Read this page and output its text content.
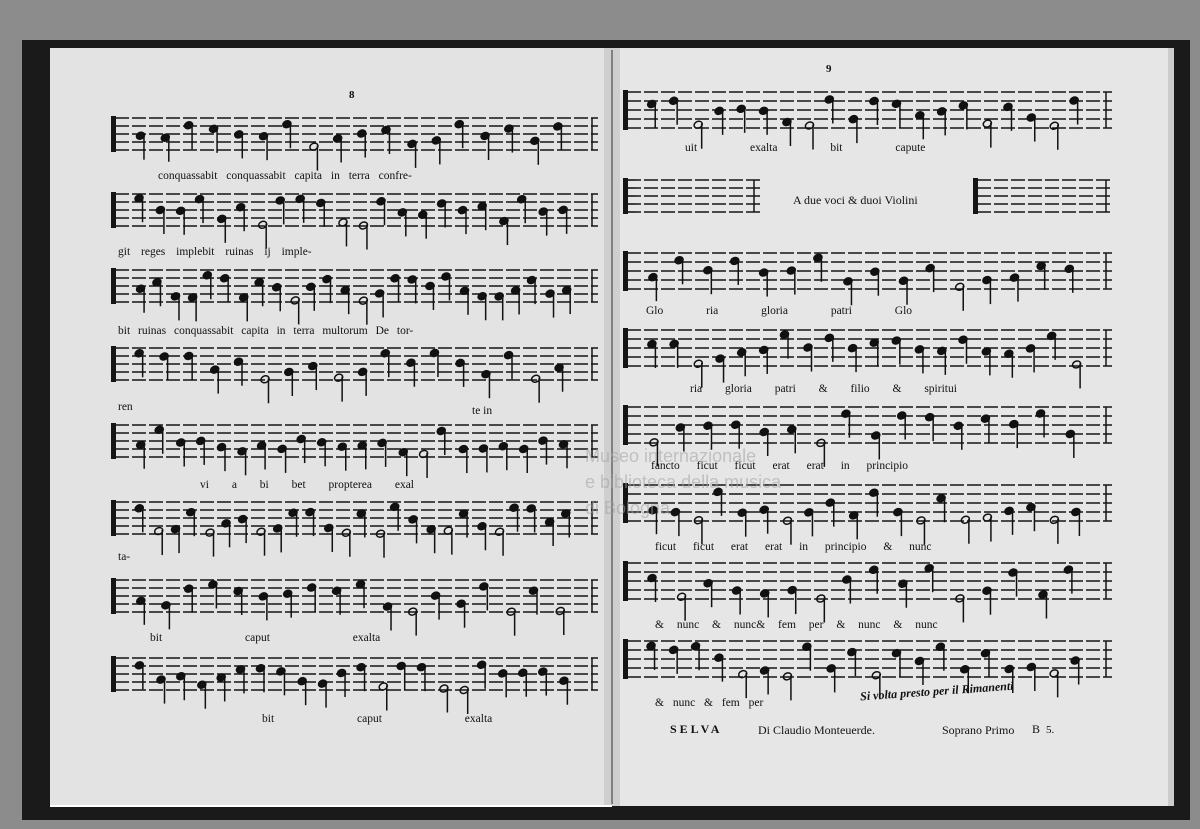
8
9
conquassabit conquassabit capita in terra confre-
git reges implebit ruinas ij imple-
bit ruinas conquassabit capita in terra multorum De tor-
ren	te in
vi a bi bet propterea exal
ta-
bit caput exalta
bit caput exalta
uit exalta bit capute
A due voci & duoi Violini
Glo ria gloria patri Glo
ria gloria patri & filio & spiritui
fancto ficut ficut erat erat in principio
ficut ficut erat erat in principio & nunc
& nunc & nunc& fem per & nunc & nunc
& nunc & fem per	Si volta presto per il Rimanenti
SELVA	Di Claudio Monteuerde.	Soprano Primo B 5.
Museo internazionale
e biblioteca della musica
di Bologna
